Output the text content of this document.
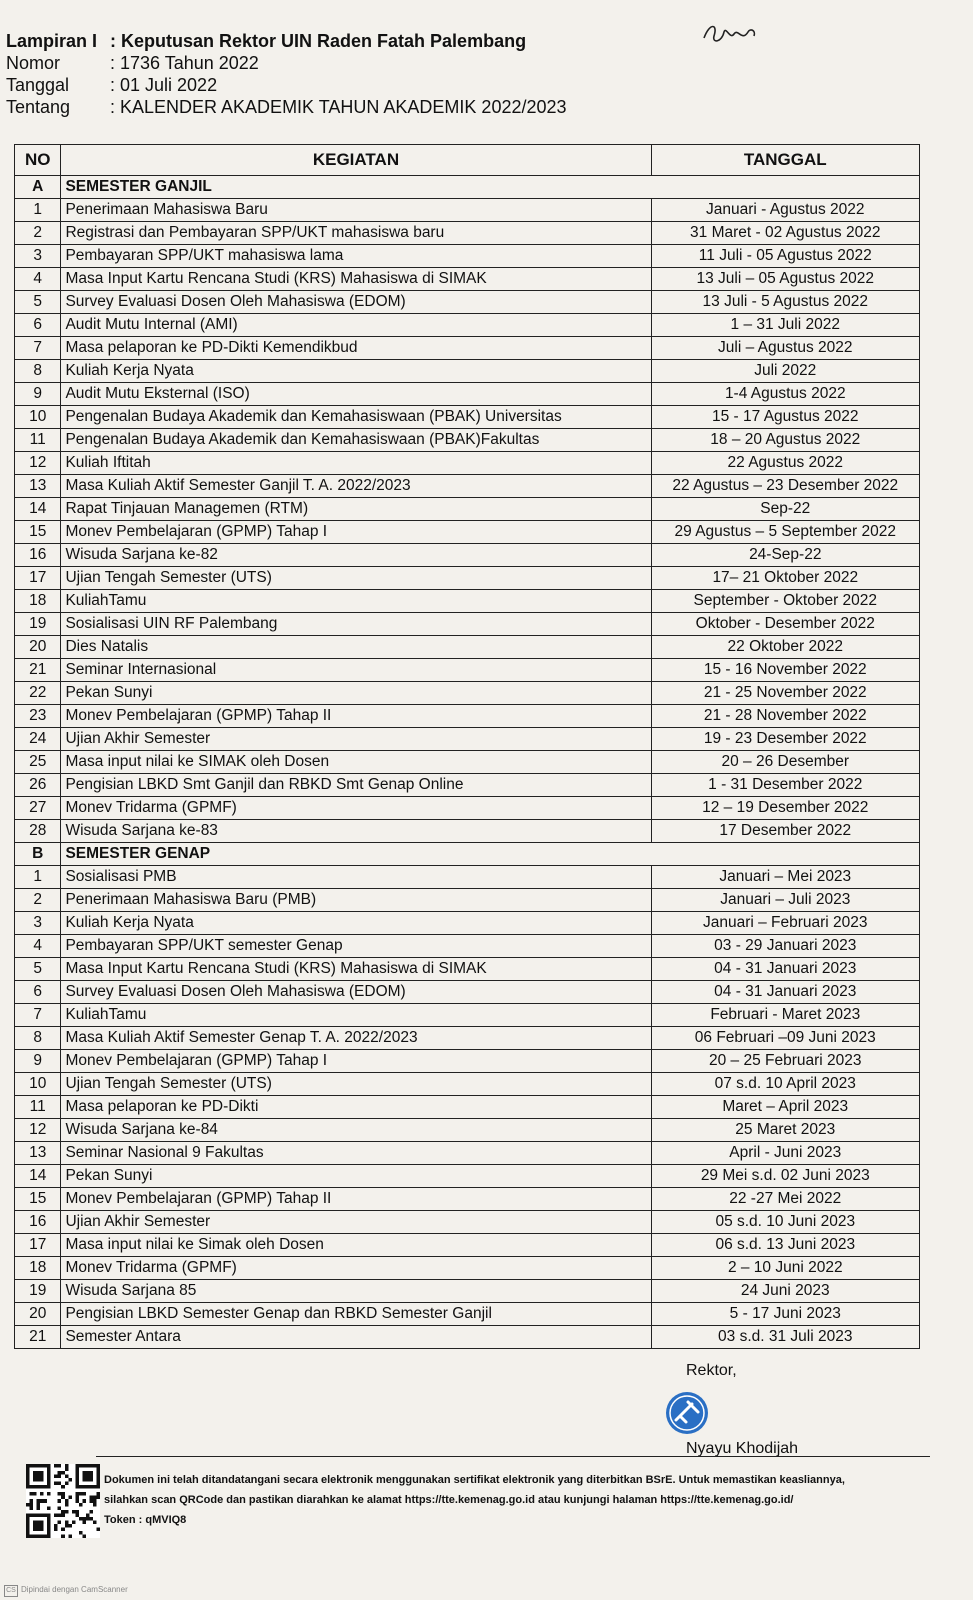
Lampiran I : Keputusan Rektor UIN Raden Fatah Palembang
Nomor	: 1736 Tahun 2022
Tanggal	: 01 Juli 2022
Tentang	: KALENDER AKADEMIK TAHUN AKADEMIK 2022/2023
NO	KEGIATAN	TANGGAL
A	SEMESTER GANJIL	
1	Penerimaan Mahasiswa Baru	Januari - Agustus 2022
2	Registrasi dan Pembayaran SPP/UKT mahasiswa baru	31 Maret - 02 Agustus 2022
3	Pembayaran SPP/UKT mahasiswa lama	11 Juli - 05 Agustus 2022
4	Masa Input Kartu Rencana Studi (KRS) Mahasiswa di SIMAK	13 Juli – 05 Agustus 2022
5	Survey Evaluasi Dosen Oleh Mahasiswa (EDOM)	13 Juli - 5 Agustus 2022
6	Audit Mutu Internal (AMI)	1 – 31 Juli 2022
7	Masa pelaporan ke PD-Dikti Kemendikbud	Juli – Agustus 2022
8	Kuliah Kerja Nyata	Juli 2022
9	Audit Mutu Eksternal (ISO)	1-4 Agustus 2022
10	Pengenalan Budaya Akademik dan Kemahasiswaan (PBAK) Universitas	15 - 17 Agustus 2022
11	Pengenalan Budaya Akademik dan Kemahasiswaan (PBAK)Fakultas	18 – 20 Agustus 2022
12	Kuliah Iftitah	22 Agustus 2022
13	Masa Kuliah Aktif Semester Ganjil T. A. 2022/2023	22 Agustus – 23 Desember 2022
14	Rapat Tinjauan Managemen (RTM)	Sep-22
15	Monev Pembelajaran (GPMP) Tahap I	29 Agustus – 5 September 2022
16	Wisuda Sarjana ke-82	24-Sep-22
17	Ujian Tengah Semester (UTS)	17– 21 Oktober 2022
18	KuliahTamu	September - Oktober 2022
19	Sosialisasi UIN RF Palembang	Oktober - Desember 2022
20	Dies Natalis	22 Oktober 2022
21	Seminar Internasional	15 - 16 November 2022
22	Pekan Sunyi	21 - 25 November 2022
23	Monev Pembelajaran (GPMP) Tahap II	21 - 28 November 2022
24	Ujian Akhir Semester	19 - 23 Desember 2022
25	Masa input nilai ke SIMAK oleh Dosen	20 – 26 Desember
26	Pengisian LBKD Smt Ganjil dan RBKD Smt Genap Online	1 - 31 Desember 2022
27	Monev Tridarma (GPMF)	12 – 19 Desember 2022
28	Wisuda Sarjana ke-83	17 Desember 2022
B	SEMESTER GENAP	
1	Sosialisasi PMB	Januari – Mei 2023
2	Penerimaan Mahasiswa Baru (PMB)	Januari – Juli 2023
3	Kuliah Kerja Nyata	Januari – Februari 2023
4	Pembayaran SPP/UKT semester Genap	03 - 29 Januari 2023
5	Masa Input Kartu Rencana Studi (KRS) Mahasiswa di SIMAK	04 - 31 Januari 2023
6	Survey Evaluasi Dosen Oleh Mahasiswa (EDOM)	04 - 31 Januari 2023
7	KuliahTamu	Februari - Maret 2023
8	Masa Kuliah Aktif Semester Genap T. A. 2022/2023	06 Februari –09 Juni 2023
9	Monev Pembelajaran (GPMP) Tahap I	20 – 25 Februari 2023
10	Ujian Tengah Semester (UTS)	07 s.d. 10 April 2023
11	Masa pelaporan ke PD-Dikti	Maret – April 2023
12	Wisuda Sarjana ke-84	25 Maret 2023
13	Seminar Nasional 9 Fakultas	April - Juni 2023
14	Pekan Sunyi	29 Mei s.d. 02 Juni 2023
15	Monev Pembelajaran (GPMP) Tahap II	22 -27 Mei 2022
16	Ujian Akhir Semester	05 s.d. 10 Juni 2023
17	Masa input nilai ke Simak oleh Dosen	06 s.d. 13 Juni 2023
18	Monev Tridarma (GPMF)	2 – 10 Juni 2022
19	Wisuda Sarjana 85	24 Juni 2023
20	Pengisian LBKD Semester Genap dan RBKD Semester Ganjil	5 - 17 Juni 2023
21	Semester Antara	03 s.d. 31 Juli 2023
Rektor,
Nyayu Khodijah
Dokumen ini telah ditandatangani secara elektronik menggunakan sertifikat elektronik yang diterbitkan BSrE. Untuk memastikan keasliannya,
silahkan scan QRCode dan pastikan diarahkan ke alamat https://tte.kemenag.go.id atau kunjungi halaman https://tte.kemenag.go.id/
Token : qMVIQ8
CS Dipindai dengan CamScanner
